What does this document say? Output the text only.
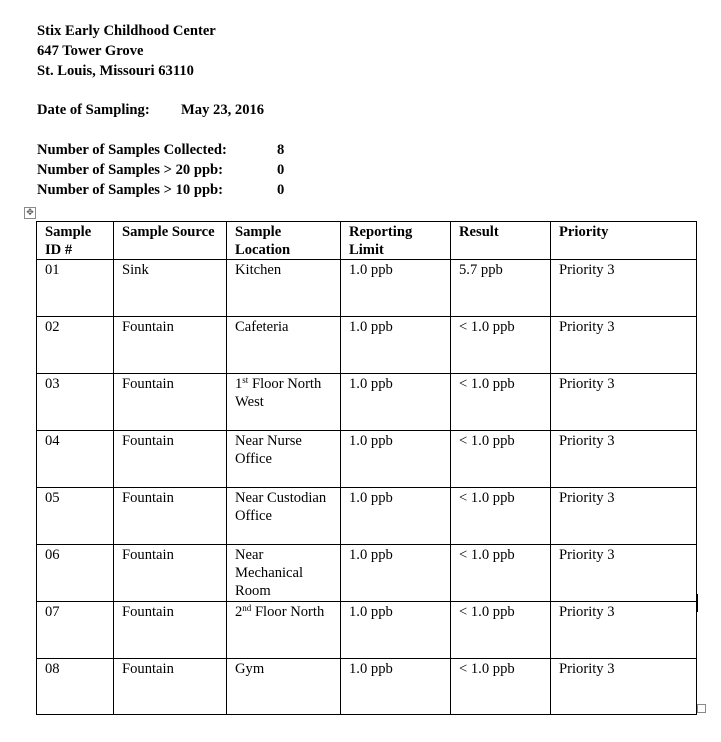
Stix Early Childhood Center
647 Tower Grove
St. Louis, Missouri 63110
Date of Sampling: May 23, 2016
Number of Samples Collected:	8
Number of Samples > 20 ppb:	0
Number of Samples > 10 ppb:	0
✥
Sample ID #	Sample Source	Sample Location	Reporting Limit	Result	Priority
01	Sink	Kitchen	1.0 ppb	5.7 ppb	Priority 3
02	Fountain	Cafeteria	1.0 ppb	< 1.0 ppb	Priority 3
03	Fountain	1st Floor North West	1.0 ppb	< 1.0 ppb	Priority 3
04	Fountain	Near Nurse Office	1.0 ppb	< 1.0 ppb	Priority 3
05	Fountain	Near Custodian Office	1.0 ppb	< 1.0 ppb	Priority 3
06	Fountain	Near Mechanical Room	1.0 ppb	< 1.0 ppb	Priority 3
07	Fountain	2nd Floor North	1.0 ppb	< 1.0 ppb	Priority 3
08	Fountain	Gym	1.0 ppb	< 1.0 ppb	Priority 3
